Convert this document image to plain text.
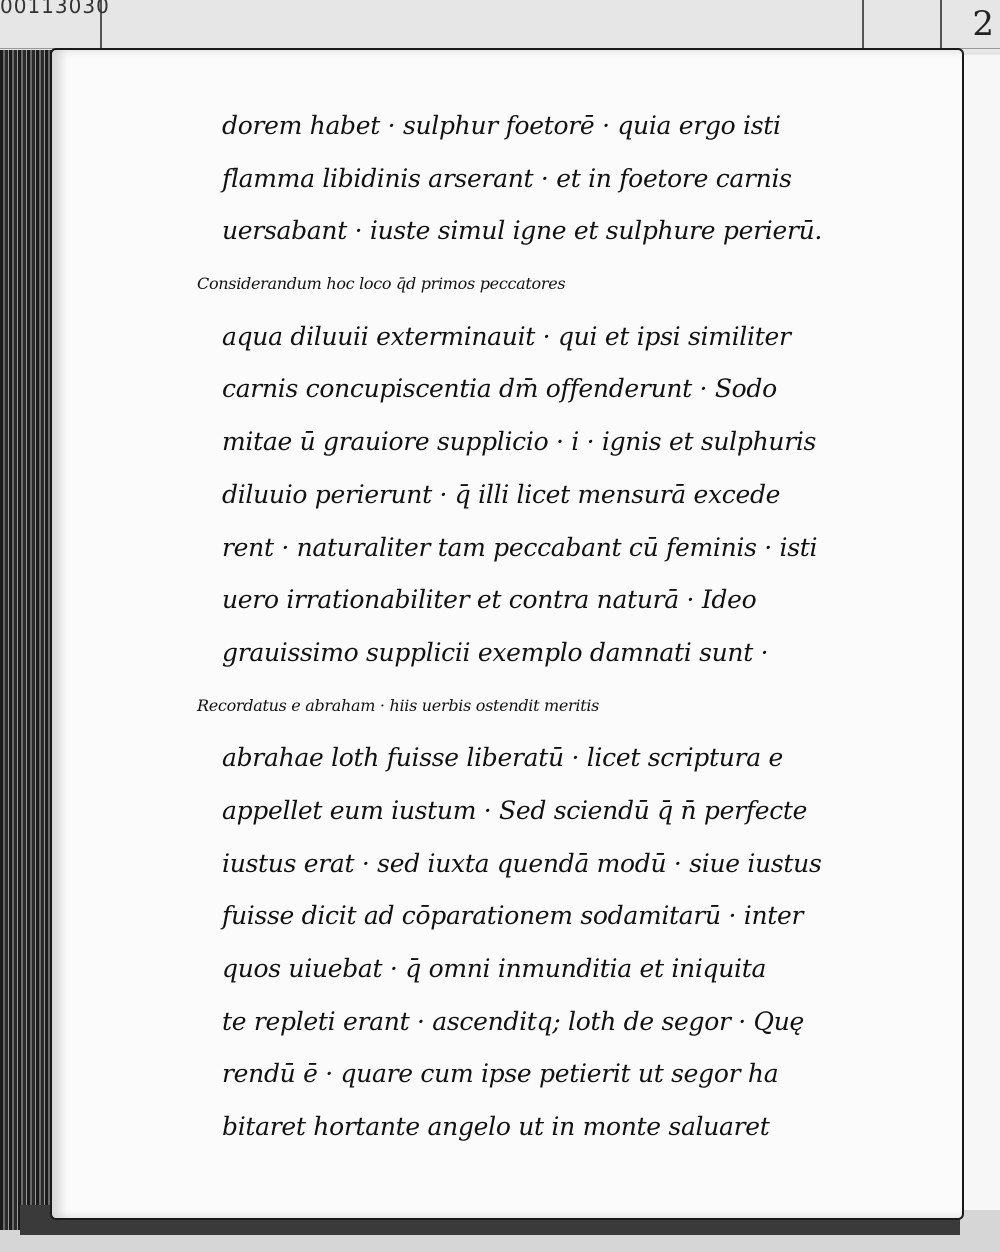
00113030	2
dorem habet · sulphur foetorē · quia ergo isti
flamma libidinis arserant · et in foetore carnis
uersabant · iuste simul igne et sulphure perierū.
Considerandum hoc loco q̄d primos peccatores
aqua diluuii exterminauit · qui et ipsi similiter
carnis concupiscentia dm̄ offenderunt · Sodo
mitae ū grauiore supplicio · i · ignis et sulphuris
diluuio perierunt · q̄ illi licet mensurā excede
rent · naturaliter tam peccabant cū feminis · isti
uero irrationabiliter et contra naturā · Ideo
grauissimo supplicii exemplo damnati sunt ·
Recordatus e abraham · hiis uerbis ostendit meritis
abrahae loth fuisse liberatū · licet scriptura e
appellet eum iustum · Sed sciendū q̄ n̄ perfecte
iustus erat · sed iuxta quendā modū · siue iustus
fuisse dicit ad cōparationem sodamitarū · inter
quos uiuebat · q̄ omni inmunditia et iniquita
te repleti erant · ascenditq; loth de segor · Quę
rendū ē · quare cum ipse petierit ut segor ha
bitaret hortante angelo ut in monte saluaret
